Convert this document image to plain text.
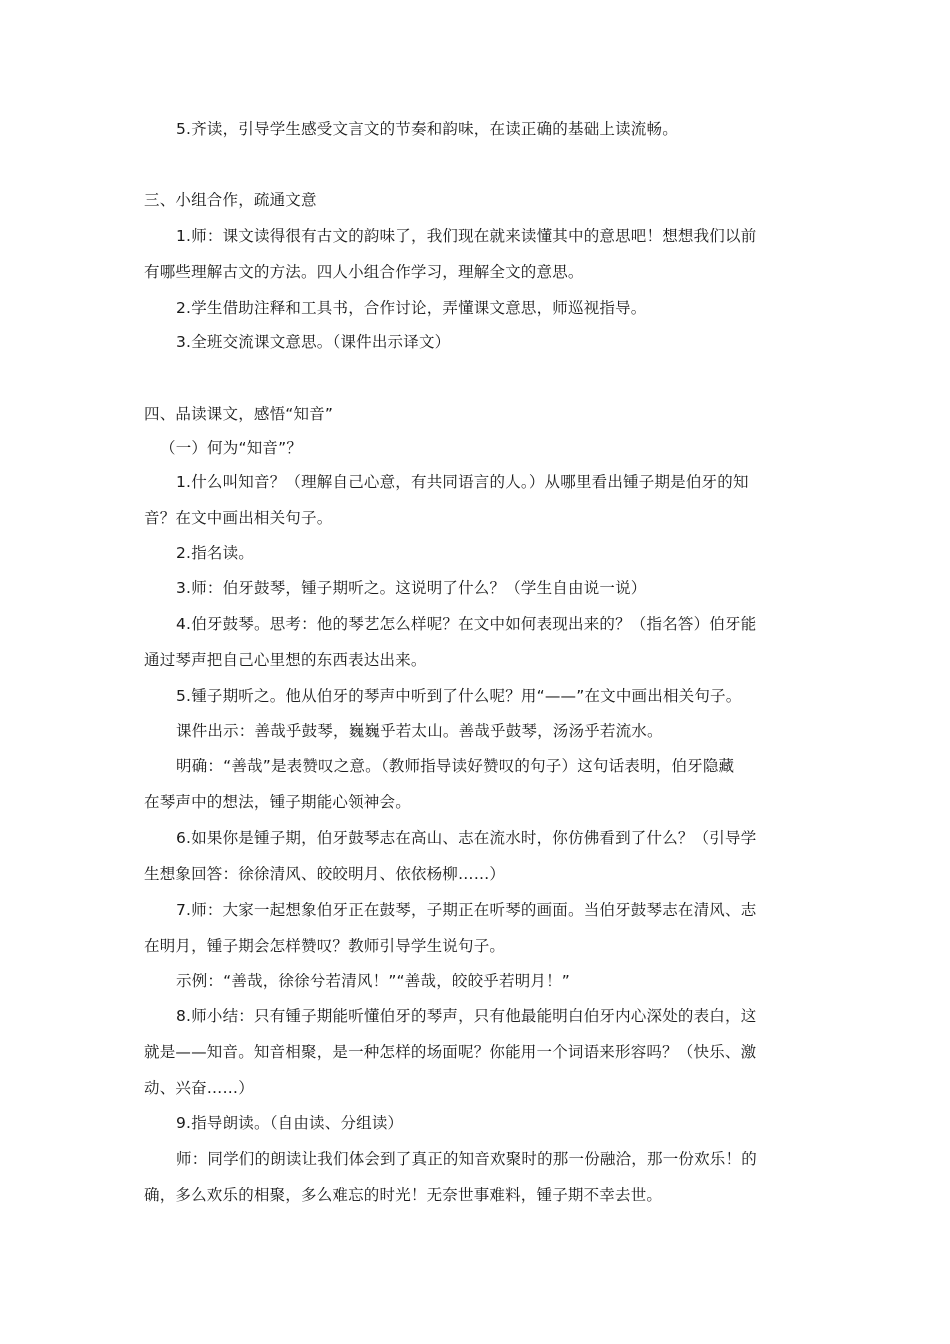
5.齐读，引导学生感受文言文的节奏和韵味，在读正确的基础上读流畅。
三、小组合作，疏通文意
1.师：课文读得很有古文的韵味了，我们现在就来读懂其中的意思吧！想想我们以前
有哪些理解古文的方法。四人小组合作学习，理解全文的意思。
2.学生借助注释和工具书，合作讨论，弄懂课文意思，师巡视指导。
3.全班交流课文意思。（课件出示译文）
四、品读课文，感悟“知音”
（一）何为“知音”？
1.什么叫知音？（理解自己心意，有共同语言的人。）从哪里看出锺子期是伯牙的知
音？在文中画出相关句子。
2.指名读。
3.师：伯牙鼓琴，锺子期听之。这说明了什么？（学生自由说一说）
4.伯牙鼓琴。思考：他的琴艺怎么样呢？在文中如何表现出来的？（指名答）伯牙能
通过琴声把自己心里想的东西表达出来。
5.锺子期听之。他从伯牙的琴声中听到了什么呢？用“——”在文中画出相关句子。
课件出示：善哉乎鼓琴，巍巍乎若太山。善哉乎鼓琴，汤汤乎若流水。
明确：“善哉”是表赞叹之意。（教师指导读好赞叹的句子）这句话表明，伯牙隐藏
在琴声中的想法，锺子期能心领神会。
6.如果你是锺子期，伯牙鼓琴志在高山、志在流水时，你仿佛看到了什么？（引导学
生想象回答：徐徐清风、皎皎明月、依依杨柳……）
7.师：大家一起想象伯牙正在鼓琴，子期正在听琴的画面。当伯牙鼓琴志在清风、志
在明月，锺子期会怎样赞叹？教师引导学生说句子。
示例：“善哉，徐徐兮若清风！”“善哉，皎皎乎若明月！”
8.师小结：只有锺子期能听懂伯牙的琴声，只有他最能明白伯牙内心深处的表白，这
就是——知音。知音相聚，是一种怎样的场面呢？你能用一个词语来形容吗？（快乐、激
动、兴奋……）
9.指导朗读。（自由读、分组读）
师：同学们的朗读让我们体会到了真正的知音欢聚时的那一份融洽，那一份欢乐！的
确，多么欢乐的相聚，多么难忘的时光！无奈世事难料，锺子期不幸去世。
